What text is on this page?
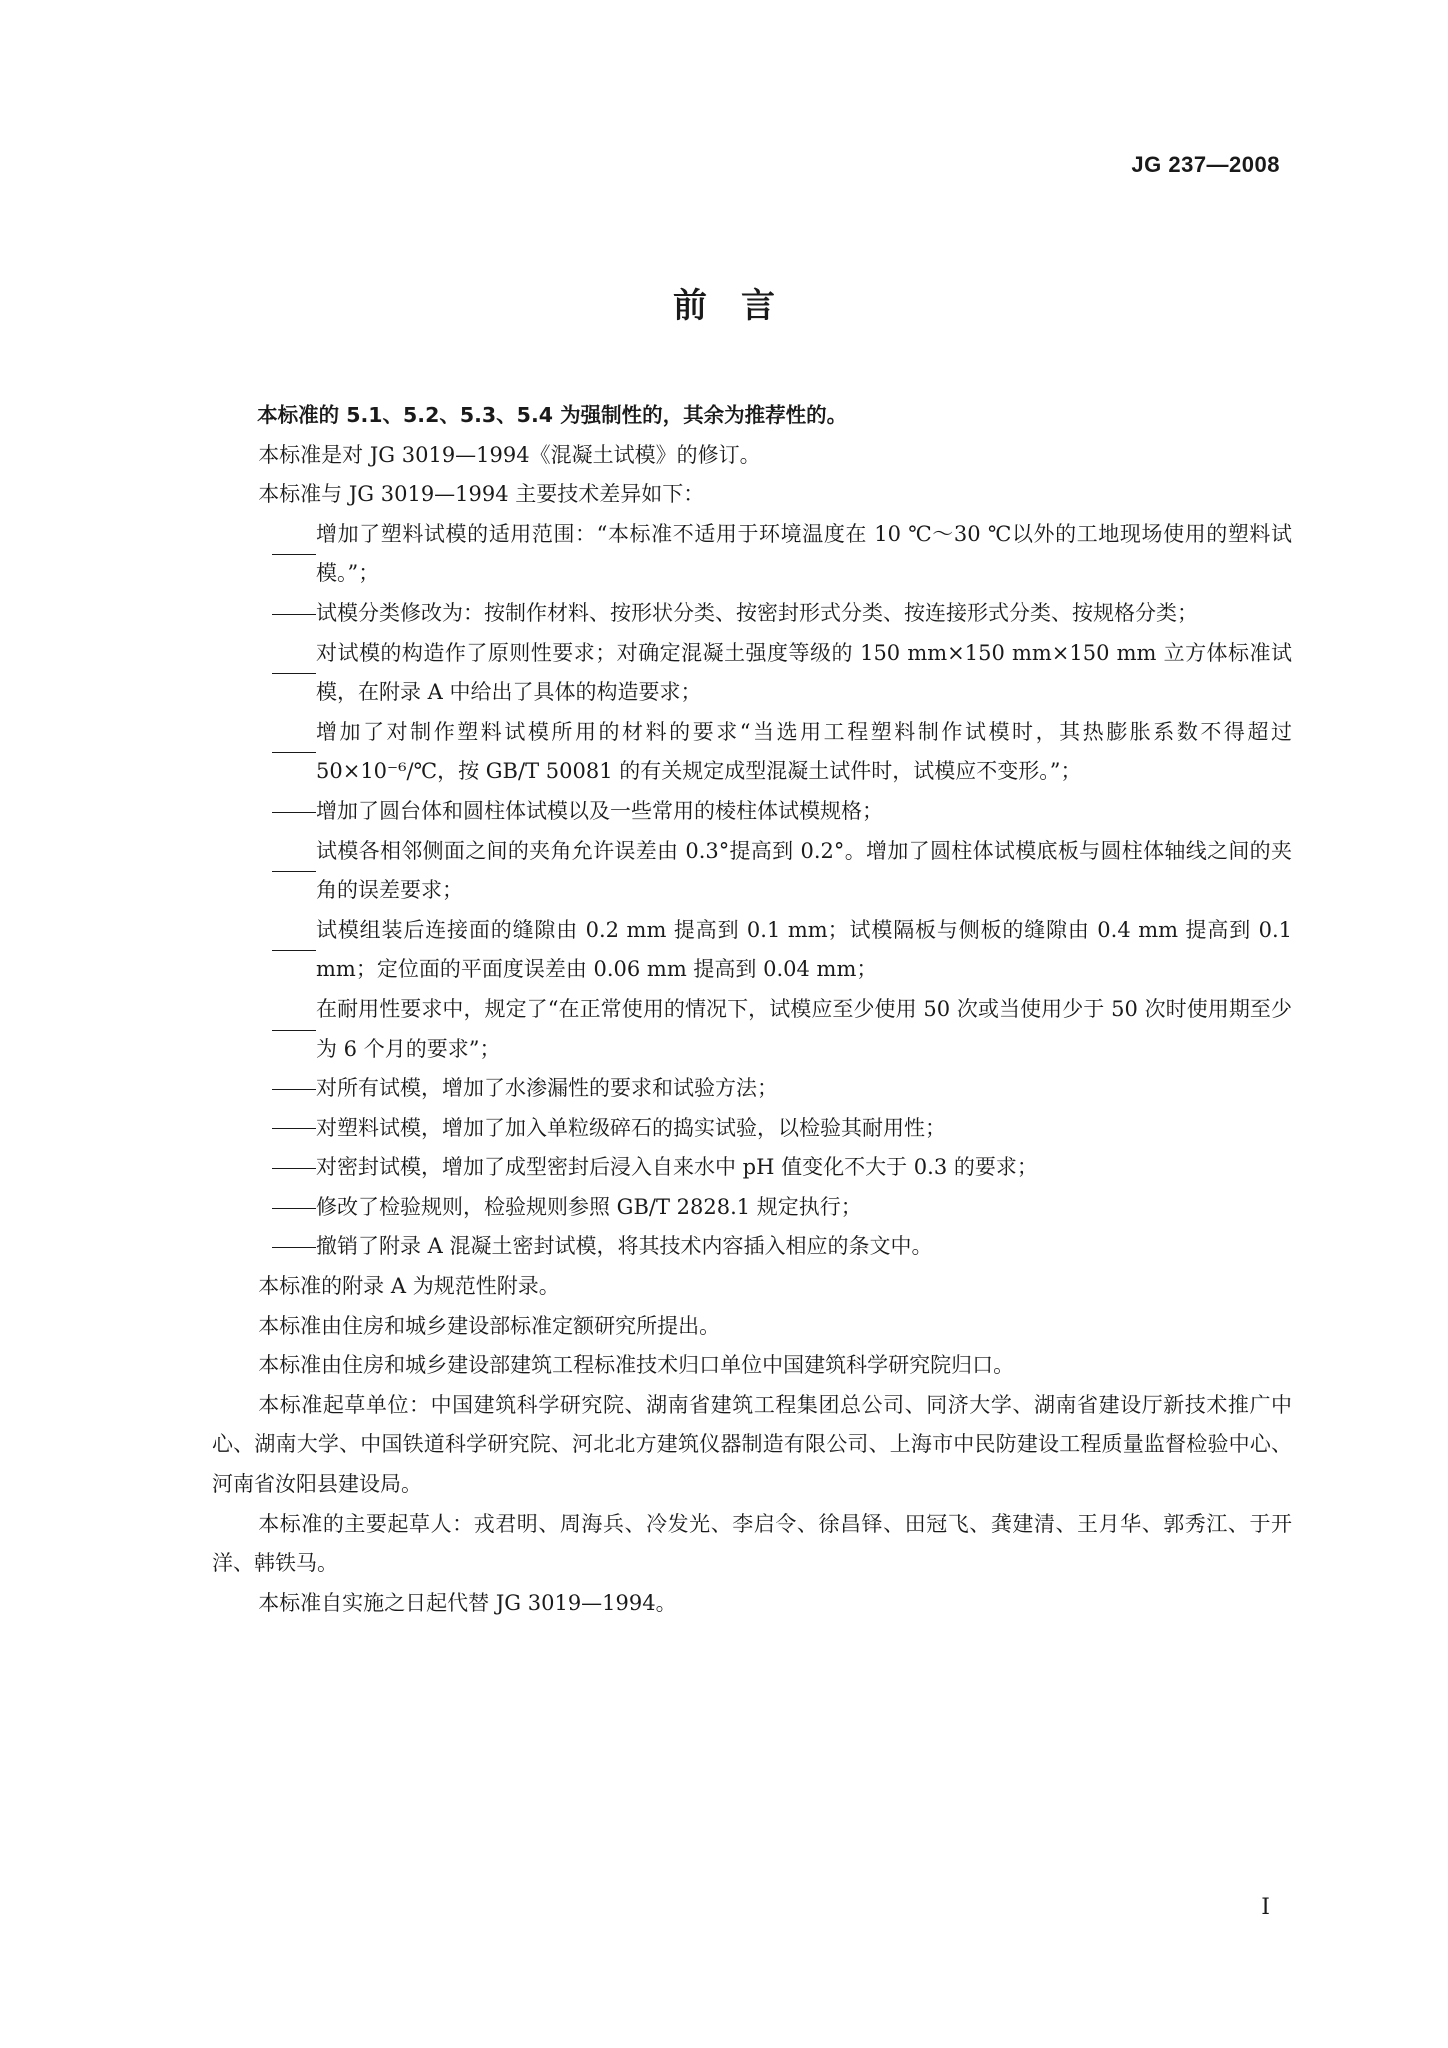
JG 237—2008
前　言

本标准的 5.1、5.2、5.3、5.4 为强制性的，其余为推荐性的。

本标准是对 JG 3019—1994《混凝土试模》的修订。

本标准与 JG 3019—1994 主要技术差异如下：

增加了塑料试模的适用范围：“本标准不适用于环境温度在 10 ℃～30 ℃以外的工地现场使用的塑料试模。”；
试模分类修改为：按制作材料、按形状分类、按密封形式分类、按连接形式分类、按规格分类；
对试模的构造作了原则性要求；对确定混凝土强度等级的 150 mm×150 mm×150 mm 立方体标准试模，在附录 A 中给出了具体的构造要求；
增加了对制作塑料试模所用的材料的要求“当选用工程塑料制作试模时，其热膨胀系数不得超过 50×10⁻⁶/℃，按 GB/T 50081 的有关规定成型混凝土试件时，试模应不变形。”；
增加了圆台体和圆柱体试模以及一些常用的棱柱体试模规格；
试模各相邻侧面之间的夹角允许误差由 0.3°提高到 0.2°。增加了圆柱体试模底板与圆柱体轴线之间的夹角的误差要求；
试模组装后连接面的缝隙由 0.2 mm 提高到 0.1 mm；试模隔板与侧板的缝隙由 0.4 mm 提高到 0.1 mm；定位面的平面度误差由 0.06 mm 提高到 0.04 mm；
在耐用性要求中，规定了“在正常使用的情况下，试模应至少使用 50 次或当使用少于 50 次时使用期至少为 6 个月的要求”；
对所有试模，增加了水渗漏性的要求和试验方法；
对塑料试模，增加了加入单粒级碎石的捣实试验，以检验其耐用性；
对密封试模，增加了成型密封后浸入自来水中 pH 值变化不大于 0.3 的要求；
修改了检验规则，检验规则参照 GB/T 2828.1 规定执行；
撤销了附录 A 混凝土密封试模，将其技术内容插入相应的条文中。

本标准的附录 A 为规范性附录。

本标准由住房和城乡建设部标准定额研究所提出。

本标准由住房和城乡建设部建筑工程标准技术归口单位中国建筑科学研究院归口。

本标准起草单位：中国建筑科学研究院、湖南省建筑工程集团总公司、同济大学、湖南省建设厅新技术推广中心、湖南大学、中国铁道科学研究院、河北北方建筑仪器制造有限公司、上海市中民防建设工程质量监督检验中心、河南省汝阳县建设局。

本标准的主要起草人：戎君明、周海兵、冷发光、李启令、徐昌铎、田冠飞、龚建清、王月华、郭秀江、于开洋、韩铁马。

本标准自实施之日起代替 JG 3019—1994。

I
